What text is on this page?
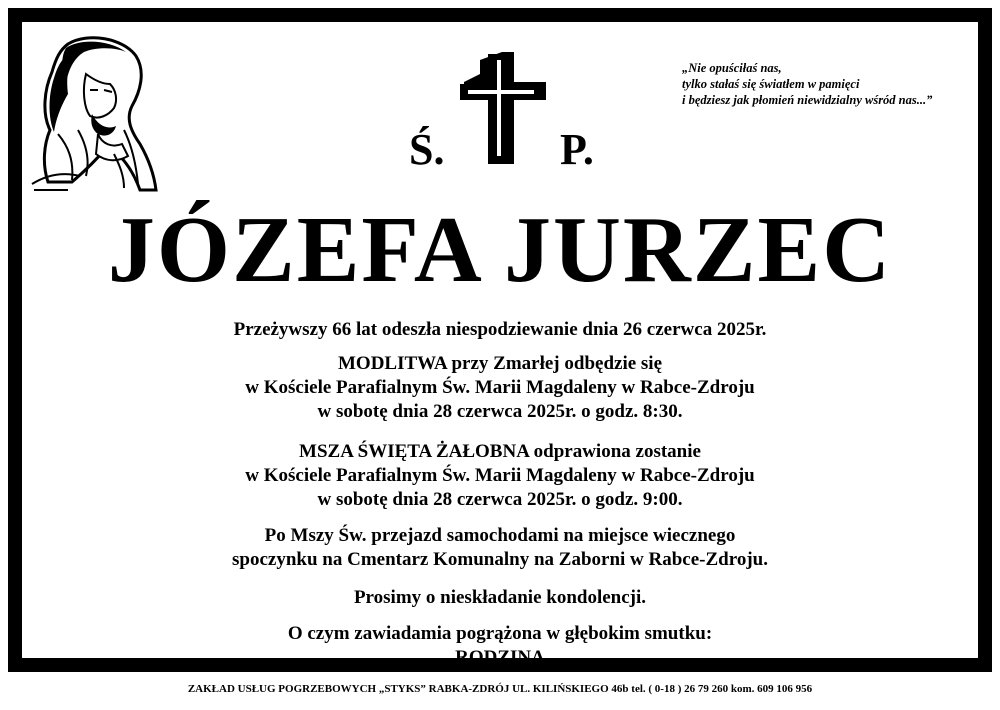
„Nie opuściłaś nas,
tylko stałaś się światłem w pamięci
i będziesz jak płomień niewidzialny wśród nas...”
Ś.	P.
JÓZEFA JURZEC
Przeżywszy 66 lat odeszła niespodziewanie dnia 26 czerwca 2025r.
MODLITWA przy Zmarłej odbędzie się
w Kościele Parafialnym Św. Marii Magdaleny w Rabce-Zdroju
w sobotę dnia 28 czerwca 2025r. o godz. 8:30.
MSZA ŚWIĘTA ŻAŁOBNA odprawiona zostanie
w Kościele Parafialnym Św. Marii Magdaleny w Rabce-Zdroju
w sobotę dnia 28 czerwca 2025r. o godz. 9:00.
Po Mszy Św. przejazd samochodami na miejsce wiecznego
spoczynku na Cmentarz Komunalny na Zaborni w Rabce-Zdroju.
Prosimy o nieskładanie kondolencji.
O czym zawiadamia pogrążona w głębokim smutku:
RODZINA
ZAKŁAD USŁUG POGRZEBOWYCH „STYKS” RABKA-ZDRÓJ UL. KILIŃSKIEGO 46b tel. ( 0-18 ) 26 79 260 kom. 609 106 956
